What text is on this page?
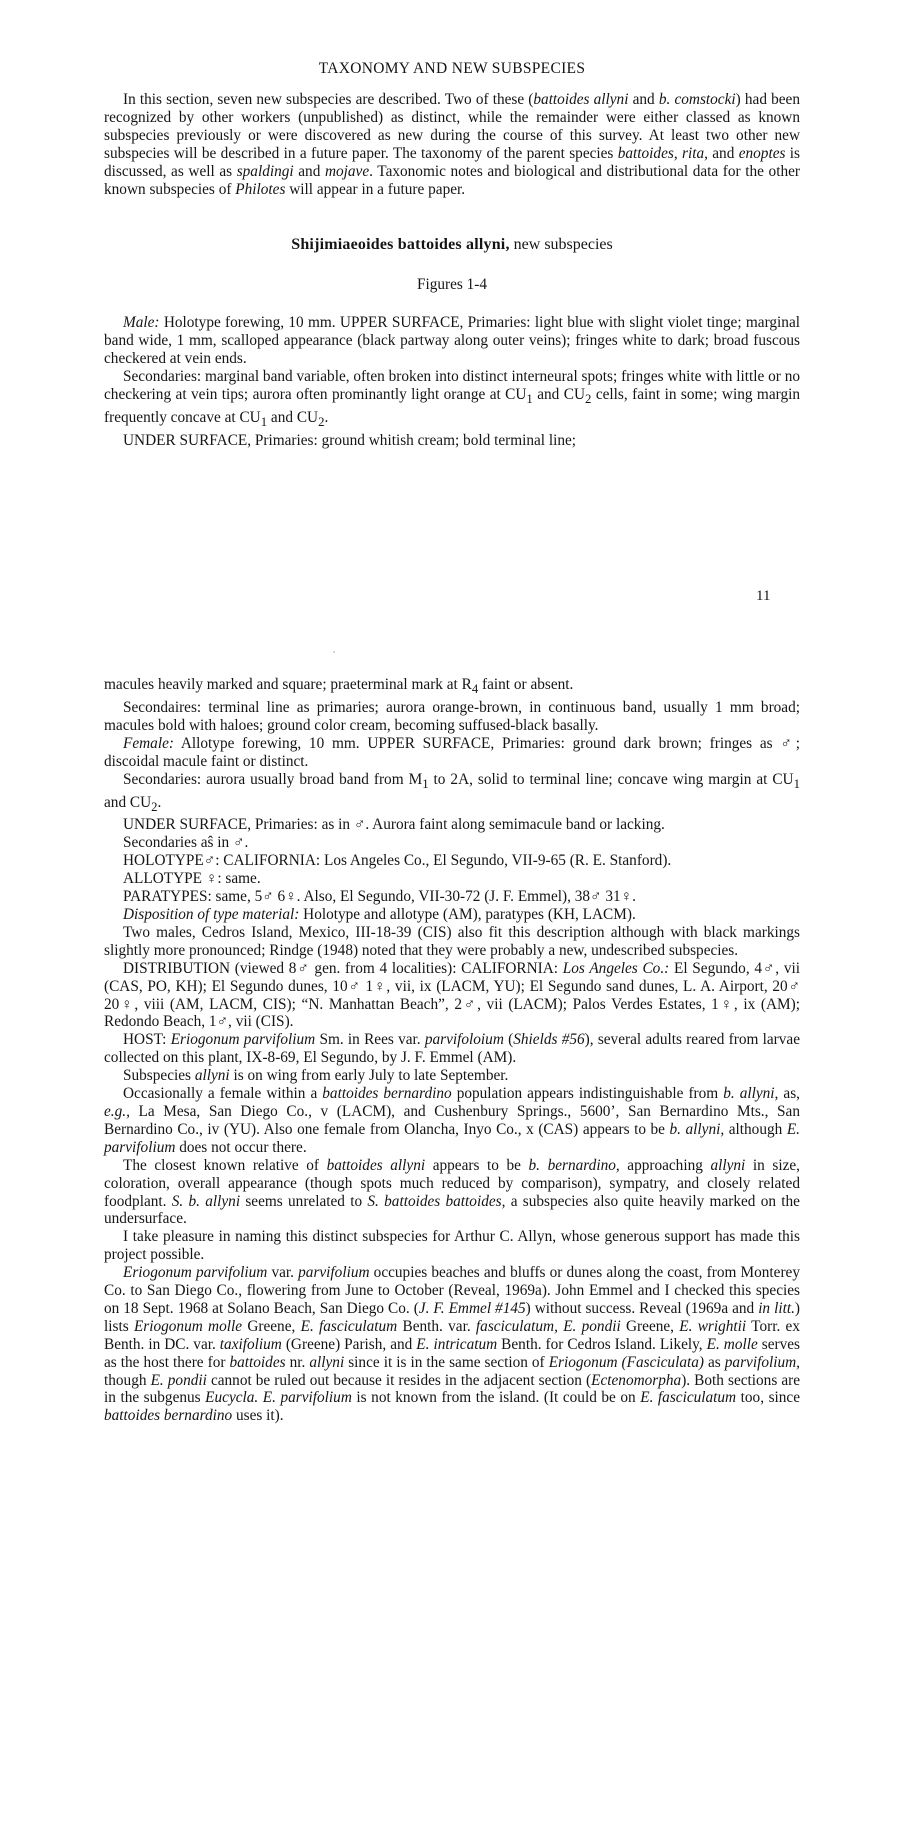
TAXONOMY AND NEW SUBSPECIES

In this section, seven new subspecies are described. Two of these (battoides allyni and b. comstocki) had been recognized by other workers (unpublished) as distinct, while the remainder were either classed as known subspecies previously or were discovered as new during the course of this survey. At least two other new subspecies will be described in a future paper. The taxonomy of the parent species battoides, rita, and enoptes is discussed, as well as spaldingi and mojave. Taxonomic notes and biological and distributional data for the other known subspecies of Philotes will appear in a future paper.

Shijimiaeoides battoides allyni, new subspecies
Figures 1-4

Male: Holotype forewing, 10 mm. UPPER SURFACE, Primaries: light blue with slight violet tinge; marginal band wide, 1 mm, scalloped appearance (black partway along outer veins); fringes white to dark; broad fuscous checkered at vein ends.

Secondaries: marginal band variable, often broken into distinct interneural spots; fringes white with little or no checkering at vein tips; aurora often prominantly light orange at $CU_1$ and $CU_2$ cells, faint in some; wing margin frequently concave at $CU_1$ and $CU_2$.

UNDER SURFACE, Primaries: ground whitish cream; bold terminal line;

11

macules heavily marked and square; praeterminal mark at $R_4$ faint or absent.

Secondaires: terminal line as primaries; aurora orange-brown, in continuous band, usually 1 mm broad; macules bold with haloes; ground color cream, becoming suffused-black basally.

Female: Allotype forewing, 10 mm. UPPER SURFACE, Primaries: ground dark brown; fringes as ♂; discoidal macule faint or distinct.

Secondaries: aurora usually broad band from $M_1$ to 2A, solid to terminal line; concave wing margin at $CU_1$ and $CU_2$.

UNDER SURFACE, Primaries: as in ♂. Aurora faint along semimacule band or lacking.

Secondaries aŝ in ♂.

HOLOTYPE♂: CALIFORNIA: Los Angeles Co., El Segundo, VII-9-65 (R. E. Stanford).

ALLOTYPE ♀: same.

PARATYPES: same, 5♂ 6♀. Also, El Segundo, VII-30-72 (J. F. Emmel), 38♂ 31♀.

Disposition of type material: Holotype and allotype (AM), paratypes (KH, LACM).

Two males, Cedros Island, Mexico, III-18-39 (CIS) also fit this description although with black markings slightly more pronounced; Rindge (1948) noted that they were probably a new, undescribed subspecies.

DISTRIBUTION (viewed 8♂ gen. from 4 localities): CALIFORNIA: Los Angeles Co.: El Segundo, 4♂, vii (CAS, PO, KH); El Segundo dunes, 10♂ 1♀, vii, ix (LACM, YU); El Segundo sand dunes, L. A. Airport, 20♂ 20♀, viii (AM, LACM, CIS); “N. Manhattan Beach”, 2♂, vii (LACM); Palos Verdes Estates, 1♀, ix (AM); Redondo Beach, 1♂, vii (CIS).

HOST: Eriogonum parvifolium Sm. in Rees var. parvifoloium (Shields #56), several adults reared from larvae collected on this plant, IX-8-69, El Segundo, by J. F. Emmel (AM).

Subspecies allyni is on wing from early July to late September.

Occasionally a female within a battoides bernardino population appears indistinguishable from b. allyni, as, e.g., La Mesa, San Diego Co., v (LACM), and Cushenbury Springs., 5600’, San Bernardino Mts., San Bernardino Co., iv (YU). Also one female from Olancha, Inyo Co., x (CAS) appears to be b. allyni, although E. parvifolium does not occur there.

The closest known relative of battoides allyni appears to be b. bernardino, approaching allyni in size, coloration, overall appearance (though spots much reduced by comparison), sympatry, and closely related foodplant. S. b. allyni seems unrelated to S. battoides battoides, a subspecies also quite heavily marked on the undersurface.

I take pleasure in naming this distinct subspecies for Arthur C. Allyn, whose generous support has made this project possible.

Eriogonum parvifolium var. parvifolium occupies beaches and bluffs or dunes along the coast, from Monterey Co. to San Diego Co., flowering from June to October (Reveal, 1969a). John Emmel and I checked this species on 18 Sept. 1968 at Solano Beach, San Diego Co. (J. F. Emmel #145) without success. Reveal (1969a and in litt.) lists Eriogonum molle Greene, E. fasciculatum Benth. var. fasciculatum, E. pondii Greene, E. wrightii Torr. ex Benth. in DC. var. taxifolium (Greene) Parish, and E. intricatum Benth. for Cedros Island. Likely, E. molle serves as the host there for battoides nr. allyni since it is in the same section of Eriogonum (Fasciculata) as parvifolium, though E. pondii cannot be ruled out because it resides in the adjacent section (Ectenomorpha). Both sections are in the subgenus Eucycla. E. parvifolium is not known from the island. (It could be on E. fasciculatum too, since battoides bernardino uses it).
